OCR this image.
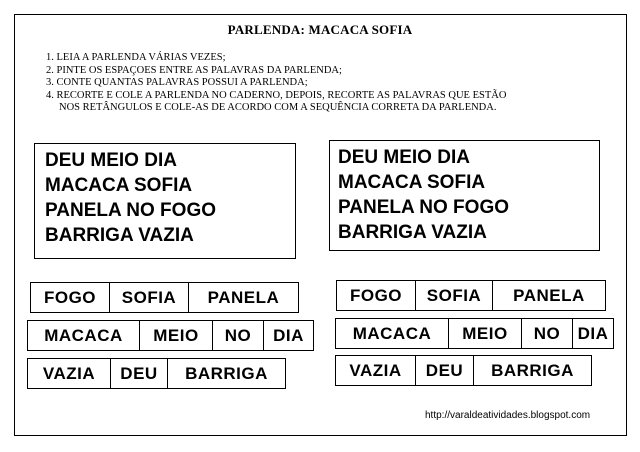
PARLENDA: MACACA SOFIA
1. LEIA A PARLENDA VÁRIAS VEZES;
2. PINTE OS ESPAÇOES ENTRE AS PALAVRAS DA PARLENDA;
3. CONTE QUANTAS PALAVRAS POSSUI A PARLENDA;
4. RECORTE E COLE A PARLENDA NO CADERNO, DEPOIS, RECORTE AS PALAVRAS QUE ESTÃO
NOS RETÂNGULOS E COLE-AS DE ACORDO COM A SEQUÊNCIA CORRETA DA PARLENDA.
DEU MEIO DIA
MACACA SOFIA
PANELA NO FOGO
BARRIGA VAZIA
DEU MEIO DIA
MACACA SOFIA
PANELA NO FOGO
BARRIGA VAZIA
FOGO	SOFIA	PANELA
MACACA	MEIO	NO	DIA
VAZIA	DEU	BARRIGA
FOGO	SOFIA	PANELA
MACACA	MEIO	NO	DIA
VAZIA	DEU	BARRIGA
http://varaldeatividades.blogspot.com
